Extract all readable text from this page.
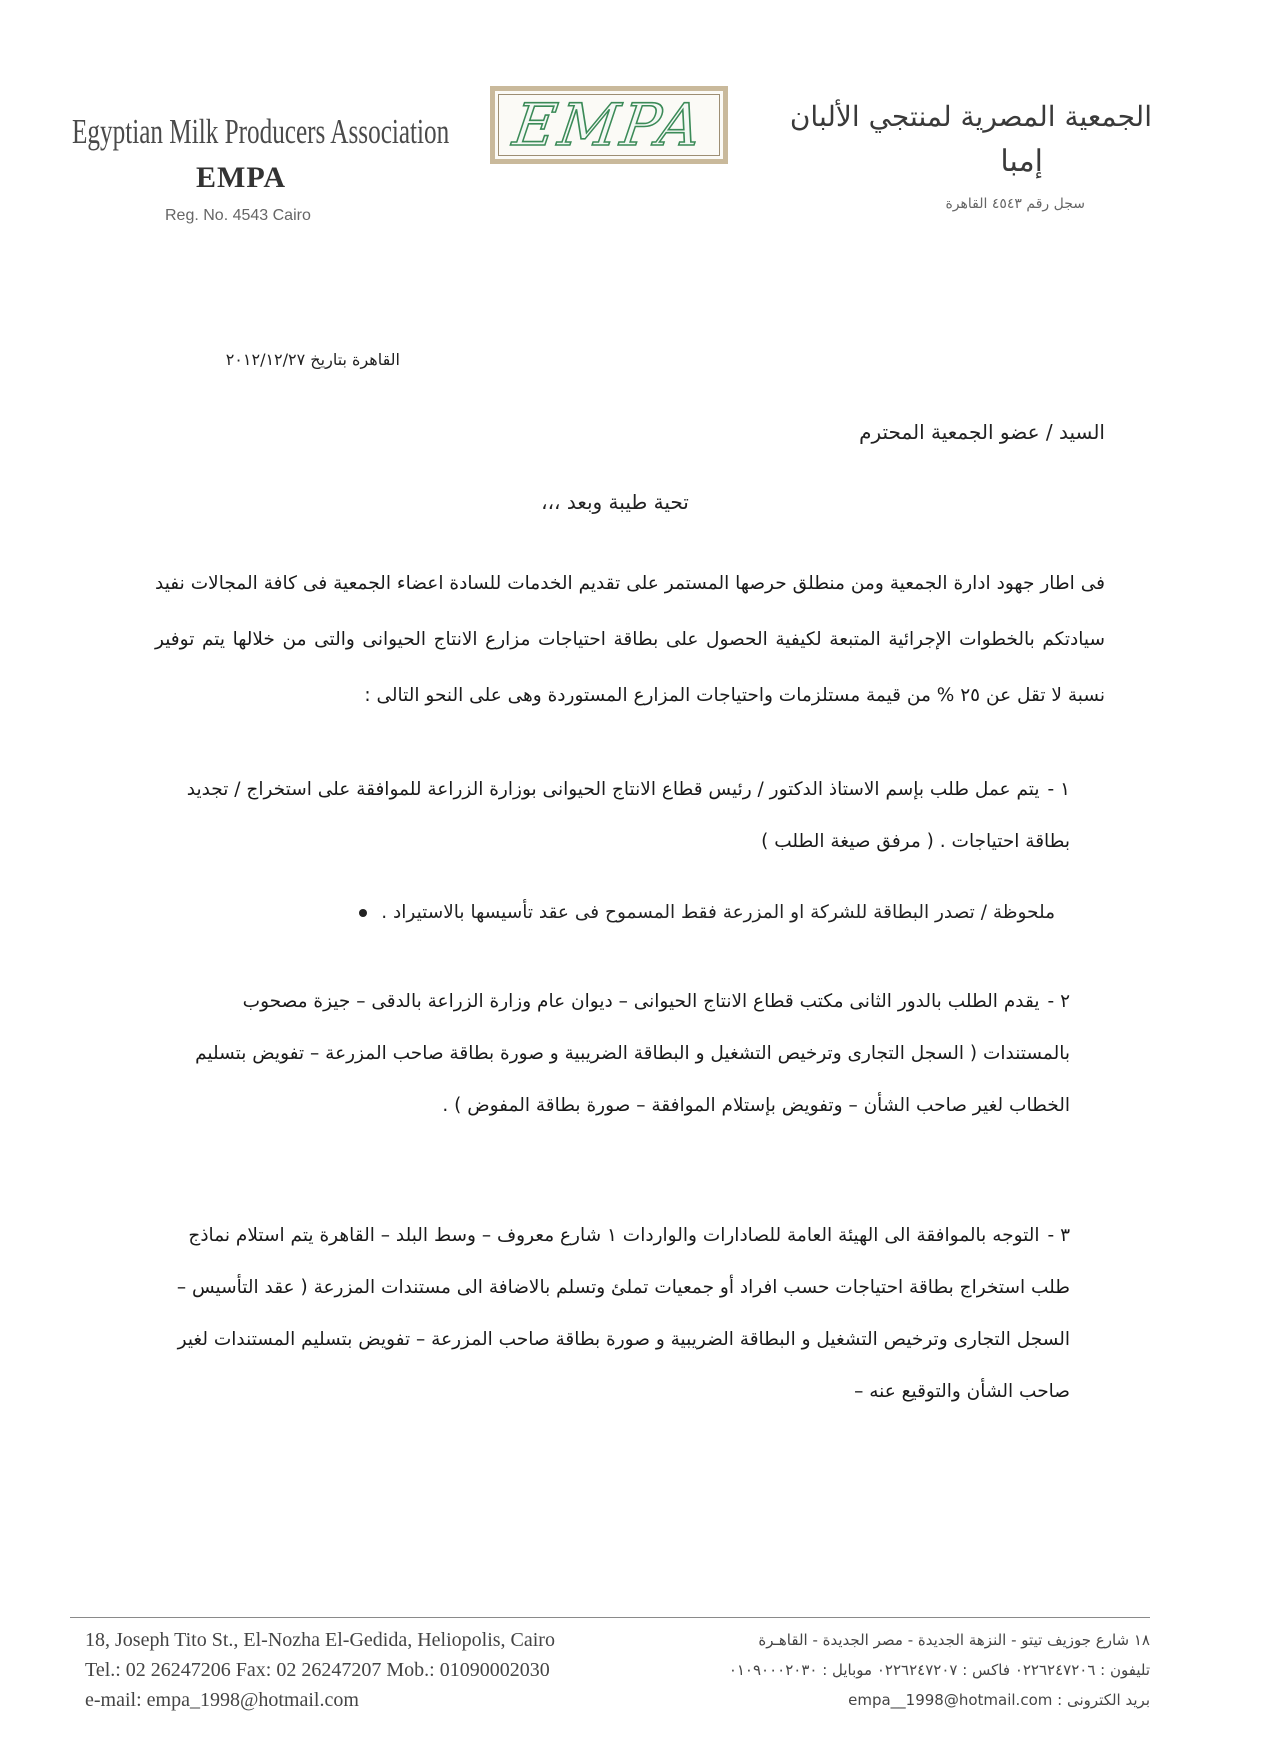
Egyptian Milk Producers Association
EMPA
Reg. No. 4543 Cairo
EMPA	الجمعية المصرية لمنتجي الألبان
إمبا
سجل رقم ٤٥٤٣ القاهرة
القاهرة بتاريخ ٢٠١٢/١٢/٢٧
السيد / عضو الجمعية المحترم
تحية طيبة وبعد ،،،
فى اطار جهود ادارة الجمعية ومن منطلق حرصها المستمر على تقديم الخدمات للسادة اعضاء الجمعية فى كافة المجالات نفيد سيادتكم بالخطوات الإجرائية المتبعة لكيفية الحصول على بطاقة احتياجات مزارع الانتاج الحيوانى والتى من خلالها يتم توفير نسبة لا تقل عن ٢٥ % من قيمة مستلزمات واحتياجات المزارع المستوردة وهى على النحو التالى :
١ -يتم عمل طلب بإسم الاستاذ الدكتور / رئيس قطاع الانتاج الحيوانى بوزارة الزراعة للموافقة على استخراج / تجديد بطاقة احتياجات . ( مرفق صيغة الطلب )
ملحوظة / تصدر البطاقة للشركة او المزرعة فقط المسموح فى عقد تأسيسها بالاستيراد .
٢ -يقدم الطلب بالدور الثانى مكتب قطاع الانتاج الحيوانى – ديوان عام وزارة الزراعة بالدقى – جيزة مصحوب بالمستندات ( السجل التجارى وترخيص التشغيل و البطاقة الضريبية و صورة بطاقة صاحب المزرعة – تفويض بتسليم الخطاب لغير صاحب الشأن – وتفويض بإستلام الموافقة – صورة بطاقة المفوض ) .
٣ -التوجه بالموافقة الى الهيئة العامة للصادارات والواردات ١ شارع معروف – وسط البلد – القاهرة يتم استلام نماذج طلب استخراج بطاقة احتياجات حسب افراد أو جمعيات تملئ وتسلم بالاضافة الى مستندات المزرعة ( عقد التأسيس – السجل التجارى وترخيص التشغيل و البطاقة الضريبية و صورة بطاقة صاحب المزرعة – تفويض بتسليم المستندات لغير صاحب الشأن والتوقيع عنه –
18, Joseph Tito St., El-Nozha El-Gedida, Heliopolis, Cairo
Tel.: 02 26247206 Fax: 02 26247207 Mob.: 01090002030
e-mail: empa_1998@hotmail.com
١٨ شارع جوزيف تيتو - النزهة الجديدة - مصر الجديدة - القاهـرة
تليفون : ٠٢٢٦٢٤٧٢٠٦ فاكس : ٠٢٢٦٢٤٧٢٠٧ موبايل : ٠١٠٩٠٠٠٢٠٣٠
بريد الكترونى : empa__1998@hotmail.com
